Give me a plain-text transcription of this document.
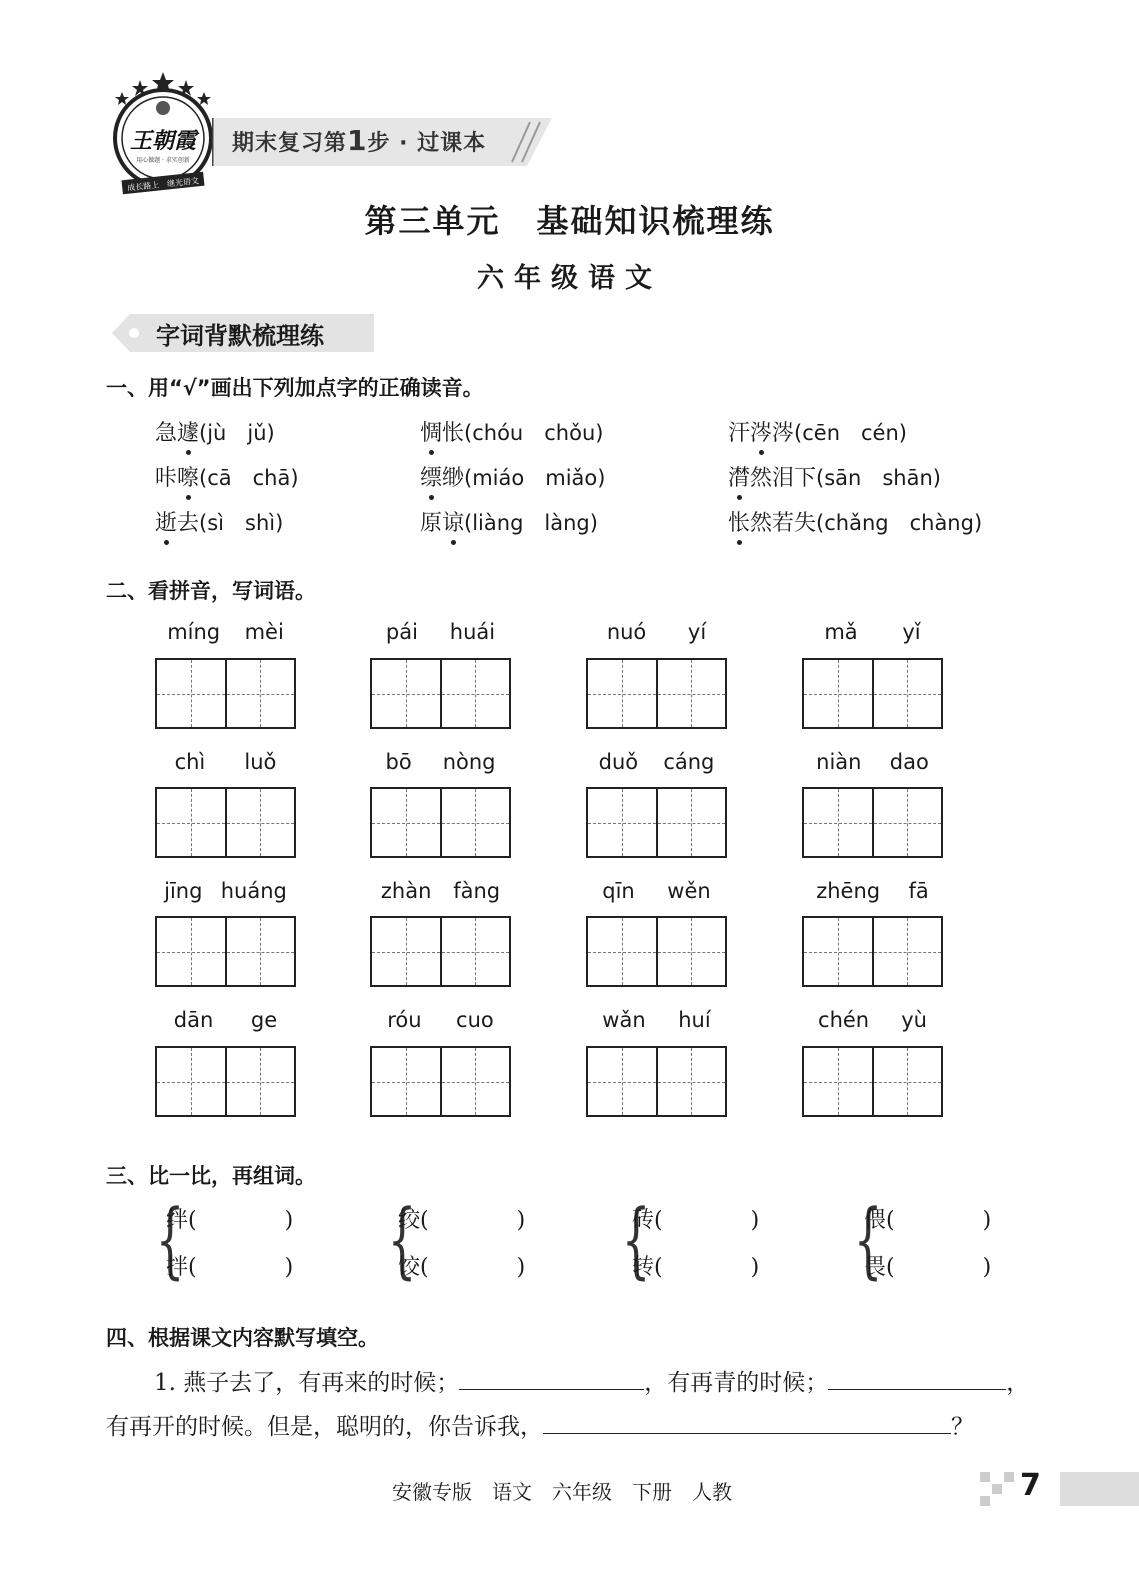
王朝霞
用心做题 · 求实创新
成长路上　继光语文
期末复习第1步 · 过课本
第三单元 基础知识梳理练
六年级语文
字词背默梳理练
一、用“√”画出下列加点字的正确读音。
急遽(jù　jǔ)	惆怅(chóu　chǒu)	汗涔涔(cēn　cén)
咔嚓(cā　chā)	缥缈(miáo　miǎo)	潸然泪下(sān　shān)
逝去(sì　shì)	原谅(liàng　làng)	怅然若失(chǎng　chàng)
二、看拼音，写词语。
míng mèi	pái huái	nuó yí	mǎ yǐ
chì luǒ	bō nòng	duǒ cáng	niàn dao
jīng huáng	zhàn fàng	qīn wěn	zhēng fā
dān ge	róu cuo	wǎn huí	chén yù
三、比一比，再组词。
{
绊(　　　　)
拌(　　　　) {
绞(　　　　)
饺(　　　　) {
砖(　　　　)
转(　　　　) {
偎(　　　　)
畏(　　　　)
四、根据课文内容默写填空。
1. 燕子去了，有再来的时候；	，有再青的时候；	，
有再开的时候。但是，聪明的，你告诉我，	？
安徽专版　语文　六年级　下册　人教	7
